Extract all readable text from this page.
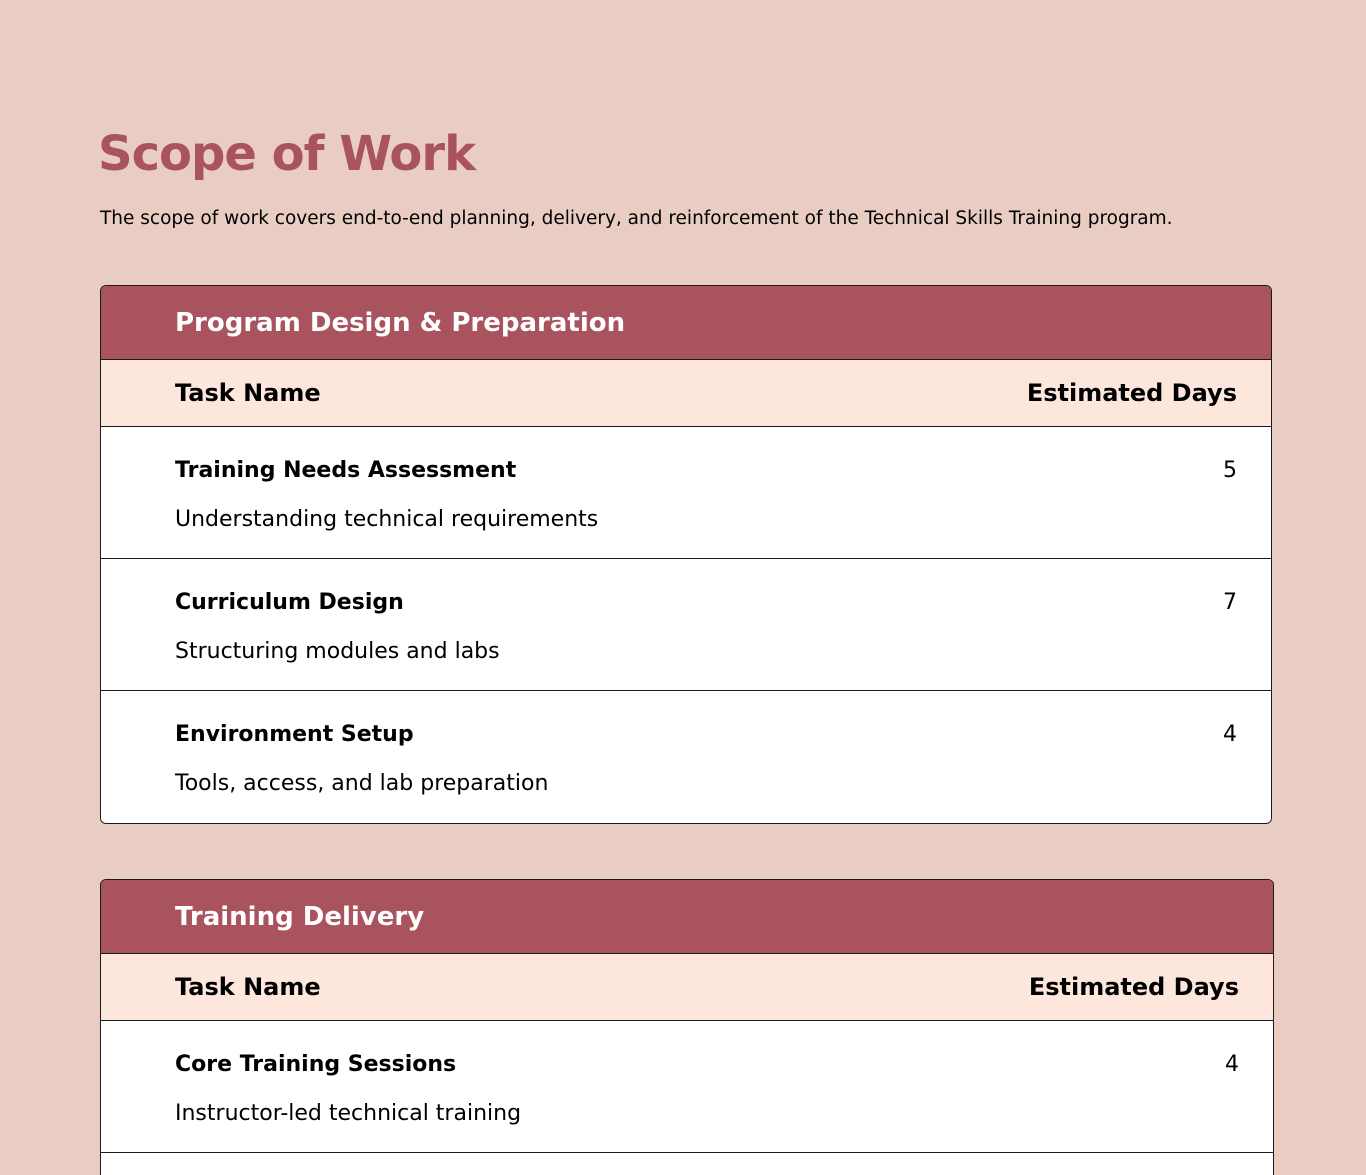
Scope of Work

The scope of work covers end-to-end planning, delivery, and reinforcement of the Technical Skills Training program.

Program Design & Preparation
Task Name	Estimated Days
Training Needs Assessment	5
Understanding technical requirements
Curriculum Design	7
Structuring modules and labs
Environment Setup	4
Tools, access, and lab preparation
Training Delivery
Task Name	Estimated Days
Core Training Sessions	4
Instructor-led technical training
